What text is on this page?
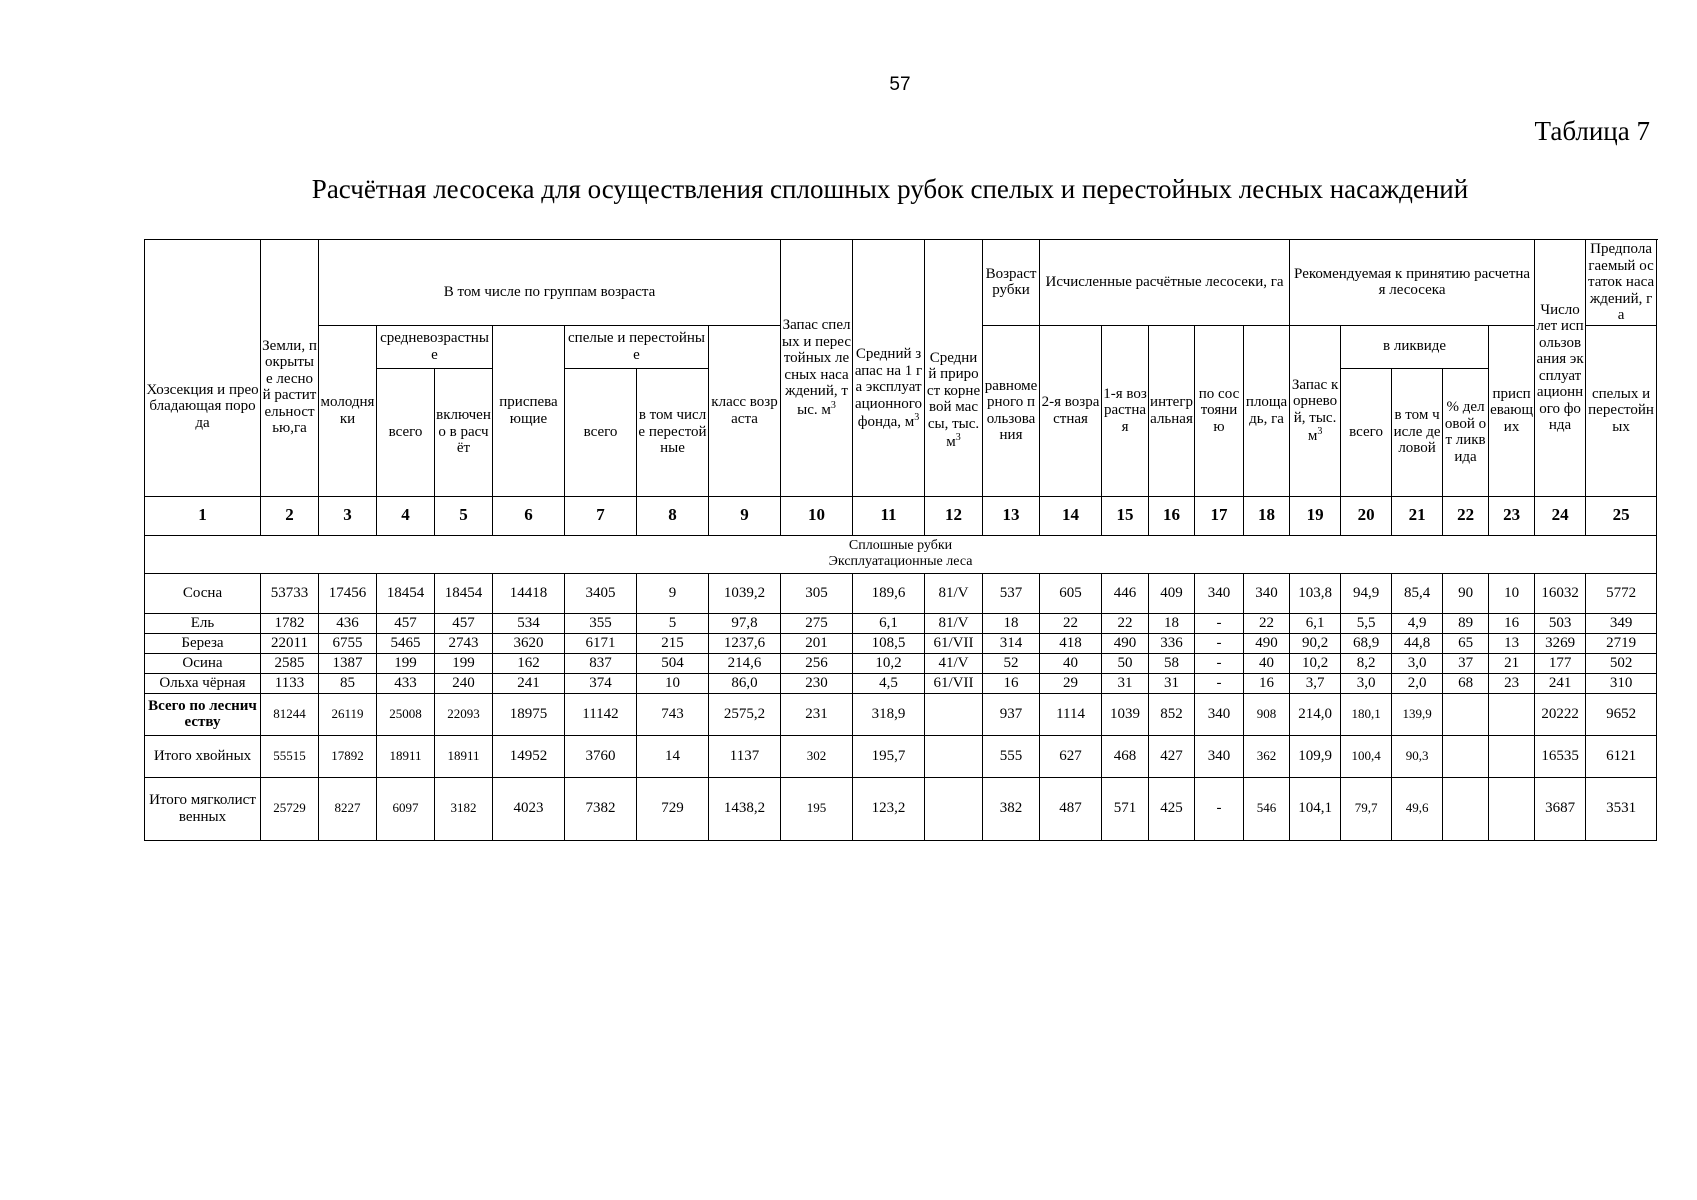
57
Таблица 7
Расчётная лесосека для осуществления сплошных рубок спелых и перестойных лесных насаждений
Хозсекция и преобладающая порода	Земли, покрытые лесной растительностью,га	В том числе по группам возраста							Запас спелых и перестойных лесных насаждений, тыс. $м^3$	Средний запас на 1 га эксплуатационного фонда, $м^3$	Средний прирост корневой массы, тыс. $м^3$	Возраст рубки	Исчисленные расчётные лесосеки, га					Рекомендуемая к принятию расчетная лесосека					Число лет использования эксплуатационного фонда	Предполагаемый остаток насаждений, га
		молодняки	средневозрастные		приспевающие	спелые и перестойные		класс возраста				равномерного пользования	2-я возрастная	1-я возрастная	интегральная	по состоянию	площадь, га	Запас корневой, тыс. $м^3$	в ликвиде			приспевающих		спелых и перестойных
			всего	включено в расчёт		всего	в том числе перестойные												всего	в том числе деловой	% деловой от ликвида			
1	2	3	4	5	6	7	8	9	10	11	12	13	14	15	16	17	18	19	20	21	22	23	24	25

Сплошные рубки
Эксплуатационные леса																								

Сосна	53733	17456	18454	18454	14418	3405	9	1039,2	305	189,6	81/V	537	605	446	409	340	340	103,8	94,9	85,4	90	10	16032	5772
Ель	1782	436	457	457	534	355	5	97,8	275	6,1	81/V	18	22	22	18	-	22	6,1	5,5	4,9	89	16	503	349
Береза	22011	6755	5465	2743	3620	6171	215	1237,6	201	108,5	61/VII	314	418	490	336	-	490	90,2	68,9	44,8	65	13	3269	2719
Осина	2585	1387	199	199	162	837	504	214,6	256	10,2	41/V	52	40	50	58	-	40	10,2	8,2	3,0	37	21	177	502
Ольха чёрная	1133	85	433	240	241	374	10	86,0	230	4,5	61/VII	16	29	31	31	-	16	3,7	3,0	2,0	68	23	241	310
Всего по лесничеству	81244	26119	25008	22093	18975	11142	743	2575,2	231	318,9		937	1114	1039	852	340	908	214,0	180,1	139,9			20222	9652
Итого хвойных	55515	17892	18911	18911	14952	3760	14	1137	302	195,7		555	627	468	427	340	362	109,9	100,4	90,3			16535	6121
Итого мягколиственных	25729	8227	6097	3182	4023	7382	729	1438,2	195	123,2		382	487	571	425	-	546	104,1	79,7	49,6			3687	3531
